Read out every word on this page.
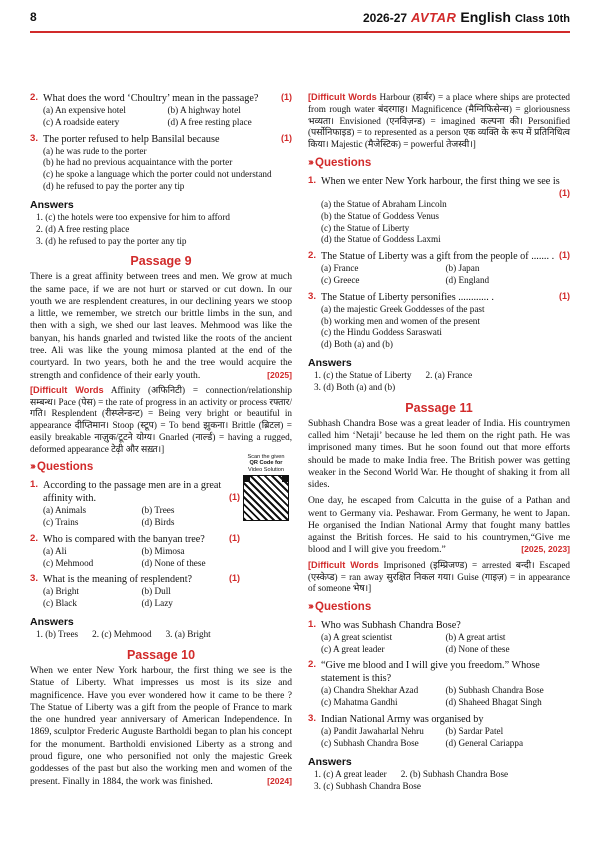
8	2026-27 AVTAR English Class 10th
2. What does the word ‘Choultry’ mean in the passage?	(1)
(a) An expensive hotel	(b) A highway hotel
(c) A roadside eatery	(d) A free resting place
3. The porter refused to help Bansilal because	(1)
(a) he was rude to the porter
(b) he had no previous acquaintance with the porter
(c) he spoke a language which the porter could not understand
(d) he refused to pay the porter any tip
Answers
1. (c) the hotels were too expensive for him to afford
2. (d) A free resting place
3. (d) he refused to pay the porter any tip
Passage 9
There is a great affinity between trees and men. We grow at much the same pace, if we are not hurt or starved or cut down. In our youth we are resplendent creatures, in our declining years we stoop a little, we remember, we stretch our brittle limbs in the sun, and then with a sigh, we shed our last leaves. Mehmood was like the banyan, his hands gnarled and twisted like the roots of the ancient tree. Ali was like the young mimosa planted at the end of the courtyard. In two years, both he and the tree would acquire the strength and confidence of their early youth.	[2025]
[Difficult Words Affinity (अफिनिटी) = connection/relationship सम्बन्ध। Pace (पेस) = the rate of progress in an activity or process रफ्तार/गति। Resplendent (रीस्प्लेन्डन्ट) = Being very bright or beautiful in appearance दीप्तिमान। Stoop (स्टूप) = To bend झुकना। Brittle (ब्रिटल) = easily breakable नाज़ुक/टूटने योग्य। Gnarled (नार्ल्ड) = having a rugged, deformed appearance टेढ़ी और सख़्त।]
››› Questions
1. According to the passage men are in a great affinity with.	(1)
(a) Animals	(b) Trees
(c) Trains	(d) Birds
2. Who is compared with the banyan tree?	(1)
(a) Ali	(b) Mimosa
(c) Mehmood	(d) None of these
3. What is the meaning of resplendent?	(1)
(a) Bright	(b) Dull
(c) Black	(d) Lazy
Answers
1. (b) Trees 2. (c) Mehmood 3. (a) Bright
Passage 10
When we enter New York harbour, the first thing we see is the Statue of Liberty. What impresses us most is its size and magnificence. Have you ever wondered how it came to be there ? The Statue of Liberty was a gift from the people of France to mark the one hundred year anniversary of American Independence. In 1869, sculptor Frederic Auguste Bartholdi began to plan his concept for the monument. Bartholdi envisioned Liberty as a strong and proud figure, one who personified not only the majestic Greek goddesses of the past but also the working men and women of the present. Finally in 1884, the work was finished.	[2024]
Scan the given
QR Code for
Video Solution
[Difficult Words Harbour (हार्बर) = a place where ships are protected from rough water बंदरगाह। Magnificence (मैग्निफिसेन्स) = gloriousness भव्यता। Envisioned (एनविज़न्ड) = imagined कल्पना की। Personified (पर्सोनिफाइड) = to represented as a person एक व्यक्ति के रूप में प्रतिनिधित्व किया। Majestic (मैजेस्टिक) = powerful तेजस्वी।]
››› Questions
1. When we enter New York harbour, the first thing we see is
(1)
(a) the Statue of Abraham Lincoln
(b) the Statue of Goddess Venus
(c) the Statue of Liberty
(d) the Statue of Goddess Laxmi
2. The Statue of Liberty was a gift from the people of ....... . (1)
(a) France	(b) Japan
(c) Greece	(d) England
3. The Statue of Liberty personifies ............ .	(1)
(a) the majestic Greek Goddesses of the past
(b) working men and women of the present
(c) the Hindu Goddess Saraswati
(d) Both (a) and (b)
Answers
1. (c) the Statue of Liberty 2. (a) France
3. (d) Both (a) and (b)
Passage 11
Subhash Chandra Bose was a great leader of India. His countrymen called him ‘Netaji’ because he led them on the right path. He was imprisoned many times. But he soon found out that more efforts should be made to make India free. The British power was getting weaker in the Second World War. He thought of shaking it from all sides.
One day, he escaped from Calcutta in the guise of a Pathan and went to Germany via. Peshawar. From Germany, he went to Japan. He organised the Indian National Army that fought many battles against the British forces. He said to his countrymen,“Give me blood and I will give you freedom.”	[2025, 2023]
[Difficult Words Imprisoned (इम्प्रिजण्ड) = arrested बन्दी। Escaped (एस्केप्ड) = ran away सुरक्षित निकल गया। Guise (गाइज़) = in appearance of someone भेष।]
››› Questions
1. Who was Subhash Chandra Bose?
(a) A great scientist	(b) A great artist
(c) A great leader	(d) None of these
2. “Give me blood and I will give you freedom.” Whose statement is this?
(a) Chandra Shekhar Azad	(b) Subhash Chandra Bose
(c) Mahatma Gandhi	(d) Shaheed Bhagat Singh
3. Indian National Army was organised by
(a) Pandit Jawaharlal Nehru	(b) Sardar Patel
(c) Subhash Chandra Bose	(d) General Cariappa
Answers
1. (c) A great leader 2. (b) Subhash Chandra Bose
3. (c) Subhash Chandra Bose
